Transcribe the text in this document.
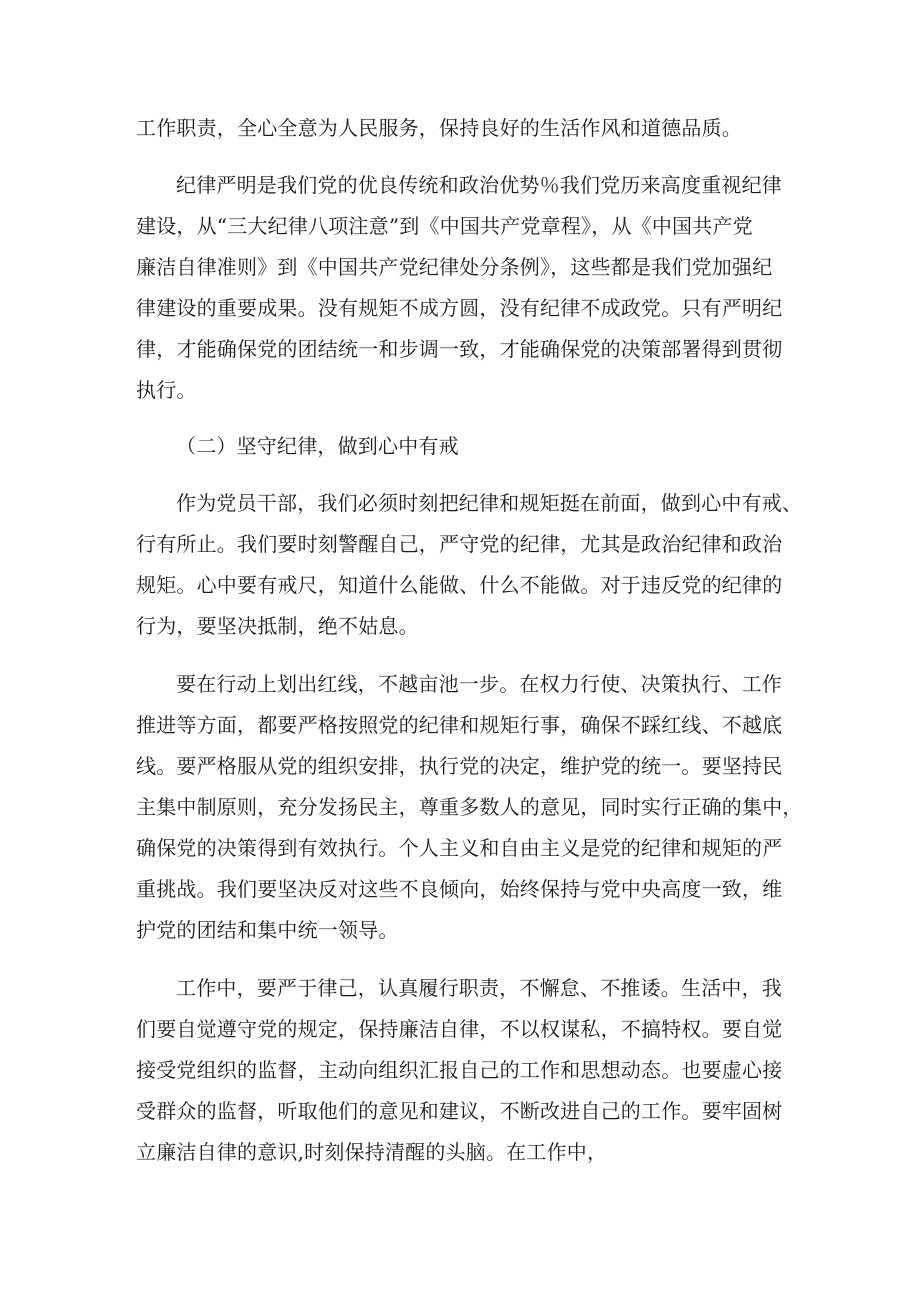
工作职责，全心全意为人民服务，保持良好的生活作风和道德品质。
纪律严明是我们党的优良传统和政治优势％我们党历来高度重视纪律
建设，从“三大纪律八项注意”到《中国共产党章程》，从《中国共产党
廉洁自律准则》到《中国共产党纪律处分条例》，这些都是我们党加强纪
律建设的重要成果。没有规矩不成方圆，没有纪律不成政党。只有严明纪
律，才能确保党的团结统一和步调一致，才能确保党的决策部署得到贯彻
执行。
（二）坚守纪律，做到心中有戒
作为党员干部，我们必须时刻把纪律和规矩挺在前面，做到心中有戒、
行有所止。我们要时刻警醒自己，严守党的纪律，尤其是政治纪律和政治
规矩。心中要有戒尺，知道什么能做、什么不能做。对于违反党的纪律的
行为，要坚决抵制，绝不姑息。
要在行动上划出红线，不越亩池一步。在权力行使、决策执行、工作
推进等方面，都要严格按照党的纪律和规矩行事，确保不踩红线、不越底
线。要严格服从党的组织安排，执行党的决定，维护党的统一。要坚持民
主集中制原则，充分发扬民主，尊重多数人的意见，同时实行正确的集中，
确保党的决策得到有效执行。个人主义和自由主义是党的纪律和规矩的严
重挑战。我们要坚决反对这些不良倾向，始终保持与党中央高度一致，维
护党的团结和集中统一领导。
工作中，要严于律己，认真履行职责，不懈怠、不推诿。生活中，我
们要自觉遵守党的规定，保持廉洁自律，不以权谋私，不搞特权。要自觉
接受党组织的监督，主动向组织汇报自己的工作和思想动态。也要虚心接
受群众的监督，听取他们的意见和建议，不断改进自己的工作。要牢固树
立廉洁自律的意识,时刻保持清醒的头脑。在工作中，
